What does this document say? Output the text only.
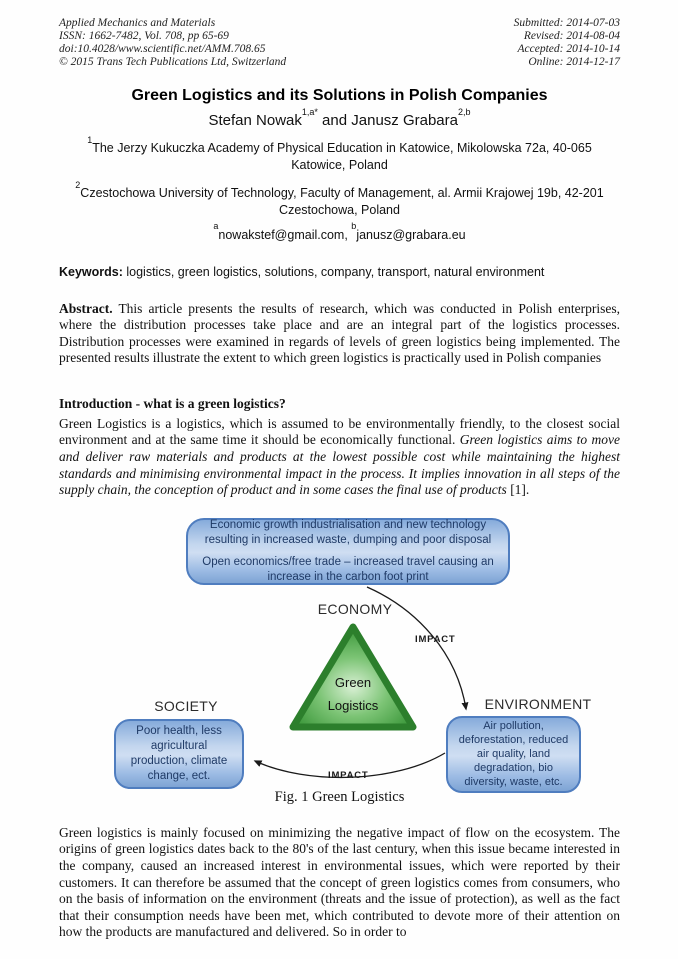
Applied Mechanics and Materials
ISSN: 1662-7482, Vol. 708, pp 65-69
doi:10.4028/www.scientific.net/AMM.708.65
© 2015 Trans Tech Publications Ltd, Switzerland
Submitted: 2014-07-03
Revised: 2014-08-04
Accepted: 2014-10-14
Online: 2014-12-17
Green Logistics and its Solutions in Polish Companies
Stefan Nowak$^{1,a*}$ and Janusz Grabara$^{2,b}$
$^1$The Jerzy Kukuczka Academy of Physical Education in Katowice, Mikolowska 72a, 40-065 Katowice, Poland
$^2$Czestochowa University of Technology, Faculty of Management, al. Armii Krajowej 19b, 42-201 Czestochowa, Poland
$^a$nowakstef@gmail.com, $^b$janusz@grabara.eu
Keywords: logistics, green logistics, solutions, company, transport, natural environment

Abstract. This article presents the results of research, which was conducted in Polish enterprises, where the distribution processes take place and are an integral part of the logistics processes. Distribution processes were examined in regards of levels of green logistics being implemented. The presented results illustrate the extent to which green logistics is practically used in Polish companies

Introduction - what is a green logistics?

Green Logistics is a logistics, which is assumed to be environmentally friendly, to the closest social environment and at the same time it should be economically functional. Green logistics aims to move and deliver raw materials and products at the lowest possible cost while maintaining the highest standards and minimising environmental impact in the process. It implies innovation in all steps of the supply chain, the conception of product and in some cases the final use of products [1].

Economic growth industrialisation and new technology resulting in increased waste, dumping and poor disposal
Open economics/free trade – increased travel causing an increase in the carbon foot print
ECONOMY
IMPACT
Green
Logistics
SOCIETY
Poor health, less agricultural production, climate change, ect.
ENVIRONMENT
Air pollution, deforestation, reduced air quality, land degradation, bio diversity, waste, etc.
IMPACT
Fig. 1 Green Logistics

Green logistics is mainly focused on minimizing the negative impact of flow on the ecosystem. The origins of green logistics dates back to the 80's of the last century, when this issue became interested in the company, caused an increased interest in environmental issues, which were reported by their customers. It can therefore be assumed that the concept of green logistics comes from consumers, who on the basis of information on the environment (threats and the issue of protection), as well as the fact that their consumption needs have been met, which contributed to devote more of their attention on how the products are manufactured and delivered. So in order to
